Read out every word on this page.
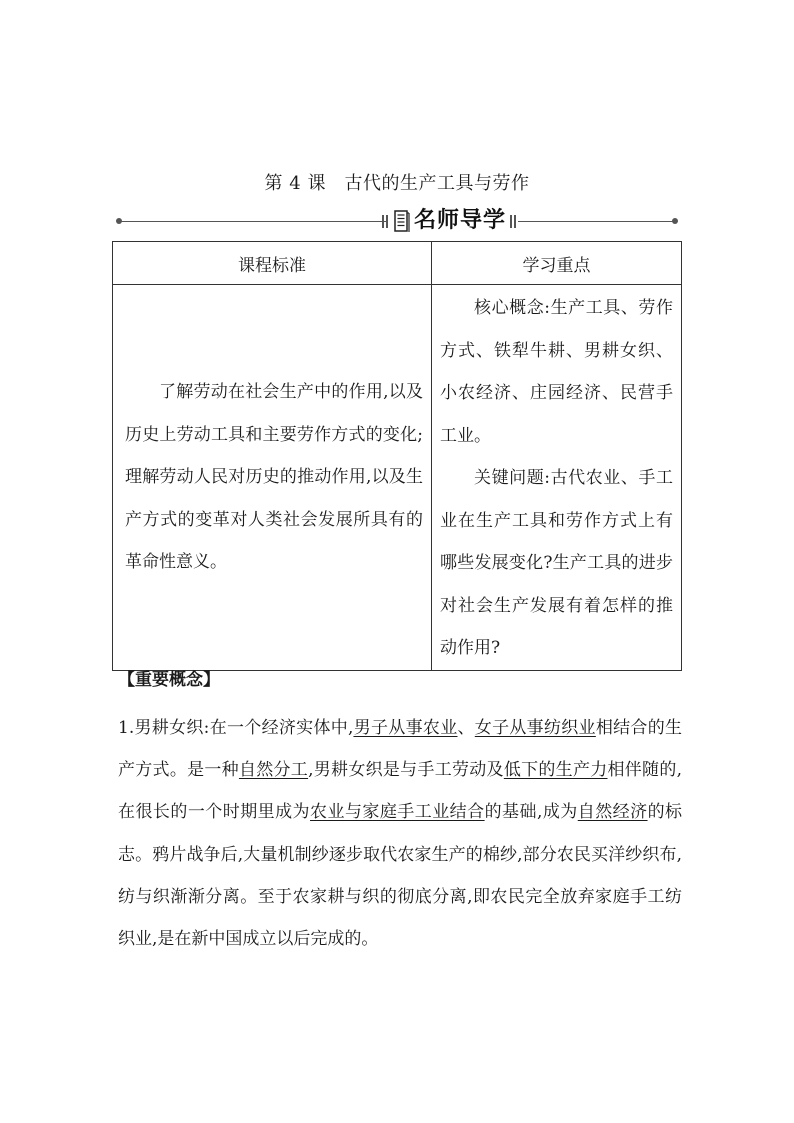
第 4 课　古代的生产工具与劳作
名师导学
课程标准	学习重点
了解劳动在社会生产中的作用,以及历史上劳动工具和主要劳作方式的变化;理解劳动人民对历史的推动作用,以及生产方式的变革对人类社会发展所具有的革命性意义。	核心概念:生产工具、劳作方式、铁犁牛耕、男耕女织、小农经济、庄园经济、民营手工业。

关键问题:古代农业、手工业在生产工具和劳作方式上有哪些发展变化?生产工具的进步对社会生产发展有着怎样的推动作用?

【重要概念】

1.男耕女织:在一个经济实体中,男子从事农业、女子从事纺织业相结合的生产方式。是一种自然分工,男耕女织是与手工劳动及低下的生产力相伴随的,在很长的一个时期里成为农业与家庭手工业结合的基础,成为自然经济的标志。鸦片战争后,大量机制纱逐步取代农家生产的棉纱,部分农民买洋纱织布,纺与织渐渐分离。至于农家耕与织的彻底分离,即农民完全放弃家庭手工纺织业,是在新中国成立以后完成的。
